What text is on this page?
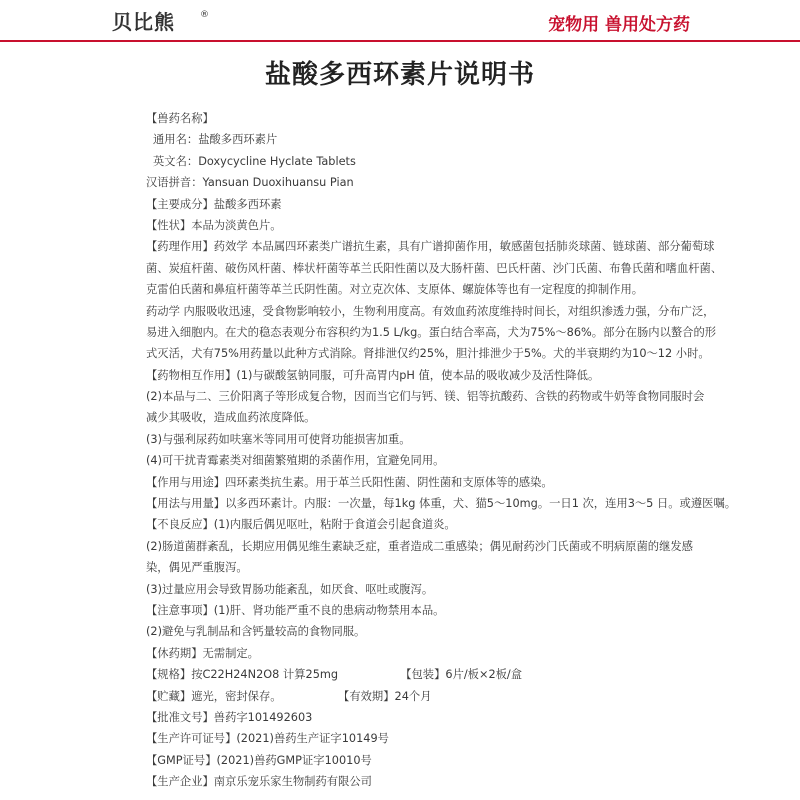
贝比熊	®	宠物用 兽用处方药
盐酸多西环素片说明书
【兽药名称】
通用名：盐酸多西环素片
英文名：Doxycycline Hyclate Tablets
汉语拼音：Yansuan Duoxihuansu Pian
【主要成分】盐酸多西环素
【性状】本品为淡黄色片。
【药理作用】药效学 本品属四环素类广谱抗生素，具有广谱抑菌作用，敏感菌包括肺炎球菌、链球菌、部分葡萄球
菌、炭疽杆菌、破伤风杆菌、棒状杆菌等革兰氏阳性菌以及大肠杆菌、巴氏杆菌、沙门氏菌、布鲁氏菌和嗜血杆菌、
克雷伯氏菌和鼻疽杆菌等革兰氏阴性菌。对立克次体、支原体、螺旋体等也有一定程度的抑制作用。
药动学 内服吸收迅速，受食物影响较小，生物利用度高。有效血药浓度维持时间长，对组织渗透力强，分布广泛，
易进入细胞内。在犬的稳态表观分布容积约为1.5 L/kg。蛋白结合率高，犬为75%～86%。部分在肠内以螯合的形
式灭活，犬有75%用药量以此种方式消除。肾排泄仅约25%，胆汁排泄少于5%。犬的半衰期约为10～12 小时。
【药物相互作用】(1)与碳酸氢钠同服，可升高胃内pH 值，使本品的吸收减少及活性降低。
(2)本品与二、三价阳离子等形成复合物，因而当它们与钙、镁、铝等抗酸药、含铁的药物或牛奶等食物同服时会
减少其吸收，造成血药浓度降低。
(3)与强利尿药如呋塞米等同用可使肾功能损害加重。
(4)可干扰青霉素类对细菌繁殖期的杀菌作用，宜避免同用。
【作用与用途】四环素类抗生素。用于革兰氏阳性菌、阴性菌和支原体等的感染。
【用法与用量】以多西环素计。内服：一次量，每1kg 体重，犬、猫5～10mg。一日1 次，连用3～5 日。或遵医嘱。
【不良反应】(1)内服后偶见呕吐，粘附于食道会引起食道炎。
(2)肠道菌群紊乱，长期应用偶见维生素缺乏症，重者造成二重感染；偶见耐药沙门氏菌或不明病原菌的继发感
染，偶见严重腹泻。
(3)过量应用会导致胃肠功能紊乱，如厌食、呕吐或腹泻。
【注意事项】(1)肝、肾功能严重不良的患病动物禁用本品。
(2)避免与乳制品和含钙量较高的食物同服。
【休药期】无需制定。
【规格】按C22H24N2O8 计算25mg　　　　　　【包装】6片/板×2板/盒
【贮藏】遮光，密封保存。　　　　　　【有效期】24个月
【批准文号】兽药字101492603
【生产许可证号】(2021)兽药生产证字10149号
【GMP证号】(2021)兽药GMP证字10010号
【生产企业】南京乐宠乐家生物制药有限公司
